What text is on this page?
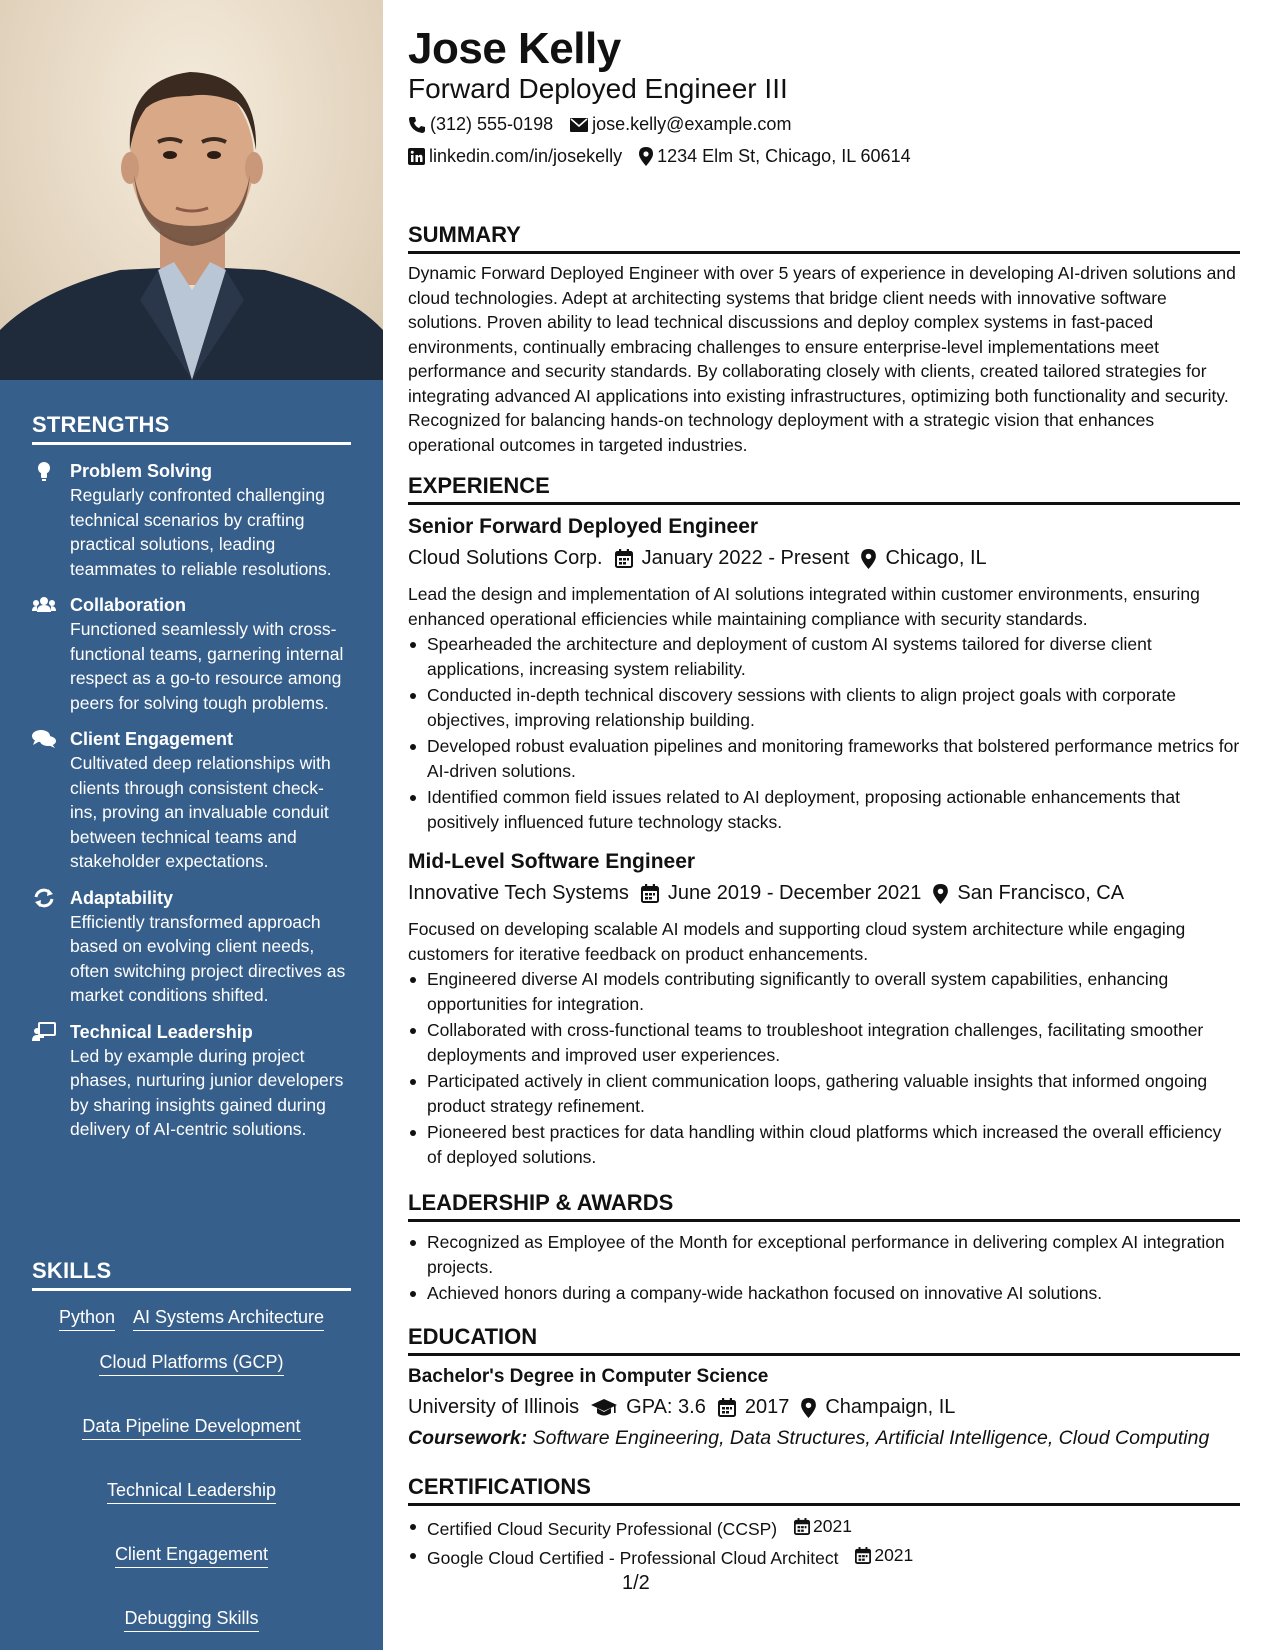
STRENGTHS
Problem Solving
Regularly confronted challenging technical scenarios by crafting practical solutions, leading teammates to reliable resolutions.
Collaboration
Functioned seamlessly with cross-functional teams, garnering internal respect as a go-to resource among peers for solving tough problems.
Client Engagement
Cultivated deep relationships with clients through consistent check-ins, proving an invaluable conduit between technical teams and stakeholder expectations.
Adaptability
Efficiently transformed approach based on evolving client needs, often switching project directives as market conditions shifted.
Technical Leadership
Led by example during project phases, nurturing junior developers by sharing insights gained during delivery of AI-centric solutions.
SKILLS
Python AI Systems Architecture
Cloud Platforms (GCP)
Data Pipeline Development
Technical Leadership
Client Engagement
Debugging Skills
Jose Kelly
Forward Deployed Engineer III
(312) 555-0198 jose.kelly@example.com
linkedin.com/in/josekelly 1234 Elm St, Chicago, IL 60614
SUMMARY
Dynamic Forward Deployed Engineer with over 5 years of experience in developing AI-driven solutions and cloud technologies. Adept at architecting systems that bridge client needs with innovative software solutions. Proven ability to lead technical discussions and deploy complex systems in fast-paced environments, continually embracing challenges to ensure enterprise-level implementations meet performance and security standards. By collaborating closely with clients, created tailored strategies for integrating advanced AI applications into existing infrastructures, optimizing both functionality and security. Recognized for balancing hands-on technology deployment with a strategic vision that enhances operational outcomes in targeted industries.
EXPERIENCE
Senior Forward Deployed Engineer
Cloud Solutions Corp. January 2022 - Present Chicago, IL
Lead the design and implementation of AI solutions integrated within customer environments, ensuring enhanced operational efficiencies while maintaining compliance with security standards.
Spearheaded the architecture and deployment of custom AI systems tailored for diverse client applications, increasing system reliability.
Conducted in-depth technical discovery sessions with clients to align project goals with corporate objectives, improving relationship building.
Developed robust evaluation pipelines and monitoring frameworks that bolstered performance metrics for AI-driven solutions.
Identified common field issues related to AI deployment, proposing actionable enhancements that positively influenced future technology stacks.
Mid-Level Software Engineer
Innovative Tech Systems June 2019 - December 2021 San Francisco, CA
Focused on developing scalable AI models and supporting cloud system architecture while engaging customers for iterative feedback on product enhancements.
Engineered diverse AI models contributing significantly to overall system capabilities, enhancing opportunities for integration.
Collaborated with cross-functional teams to troubleshoot integration challenges, facilitating smoother deployments and improved user experiences.
Participated actively in client communication loops, gathering valuable insights that informed ongoing product strategy refinement.
Pioneered best practices for data handling within cloud platforms which increased the overall efficiency of deployed solutions.
LEADERSHIP & AWARDS
Recognized as Employee of the Month for exceptional performance in delivering complex AI integration projects.
Achieved honors during a company-wide hackathon focused on innovative AI solutions.
EDUCATION
Bachelor's Degree in Computer Science
University of Illinois GPA: 3.6 2017 Champaign, IL
Coursework: Software Engineering, Data Structures, Artificial Intelligence, Cloud Computing
CERTIFICATIONS
Certified Cloud Security Professional (CCSP) 2021
Google Cloud Certified - Professional Cloud Architect 2021
1/2
